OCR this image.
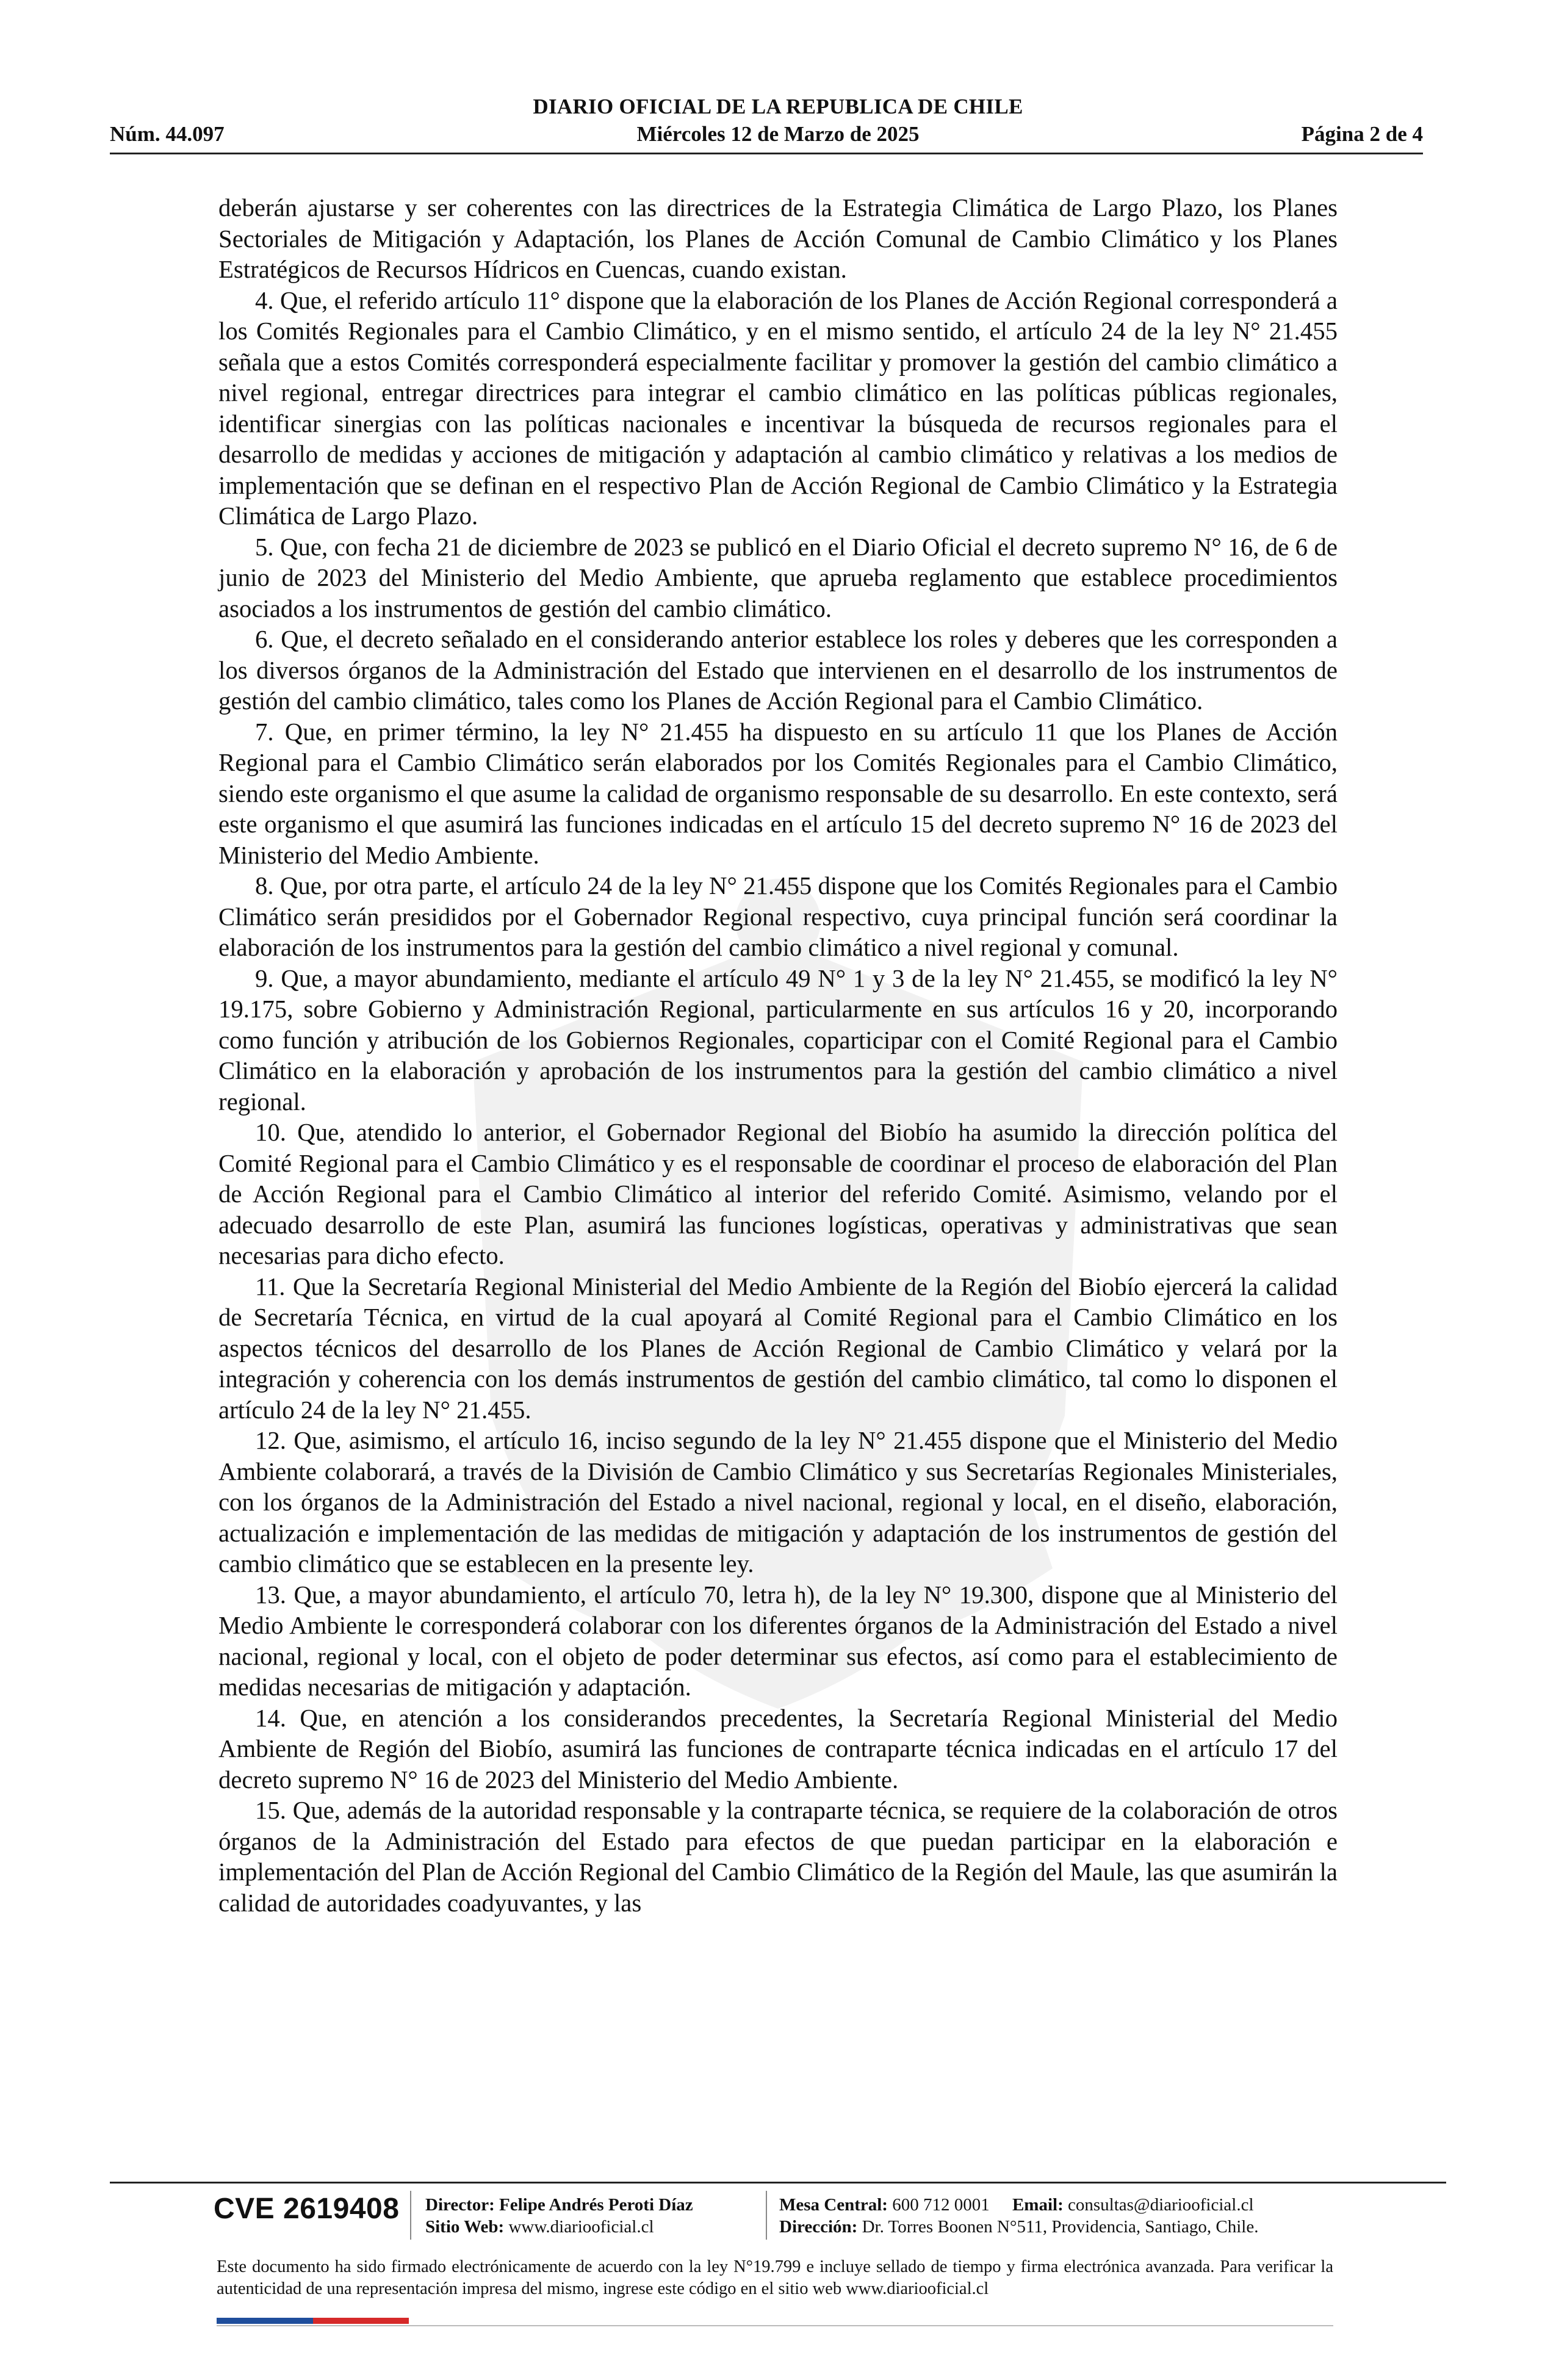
DIARIO OFICIAL DE LA REPUBLICA DE CHILE
Núm. 44.097	Miércoles 12 de Marzo de 2025	Página 2 de 4

deberán ajustarse y ser coherentes con las directrices de la Estrategia Climática de Largo Plazo, los Planes Sectoriales de Mitigación y Adaptación, los Planes de Acción Comunal de Cambio Climático y los Planes Estratégicos de Recursos Hídricos en Cuencas, cuando existan.

4. Que, el referido artículo 11° dispone que la elaboración de los Planes de Acción Regional corresponderá a los Comités Regionales para el Cambio Climático, y en el mismo sentido, el artículo 24 de la ley N° 21.455 señala que a estos Comités corresponderá especialmente facilitar y promover la gestión del cambio climático a nivel regional, entregar directrices para integrar el cambio climático en las políticas públicas regionales, identificar sinergias con las políticas nacionales e incentivar la búsqueda de recursos regionales para el desarrollo de medidas y acciones de mitigación y adaptación al cambio climático y relativas a los medios de implementación que se definan en el respectivo Plan de Acción Regional de Cambio Climático y la Estrategia Climática de Largo Plazo.

5. Que, con fecha 21 de diciembre de 2023 se publicó en el Diario Oficial el decreto supremo N° 16, de 6 de junio de 2023 del Ministerio del Medio Ambiente, que aprueba reglamento que establece procedimientos asociados a los instrumentos de gestión del cambio climático.

6. Que, el decreto señalado en el considerando anterior establece los roles y deberes que les corresponden a los diversos órganos de la Administración del Estado que intervienen en el desarrollo de los instrumentos de gestión del cambio climático, tales como los Planes de Acción Regional para el Cambio Climático.

7. Que, en primer término, la ley N° 21.455 ha dispuesto en su artículo 11 que los Planes de Acción Regional para el Cambio Climático serán elaborados por los Comités Regionales para el Cambio Climático, siendo este organismo el que asume la calidad de organismo responsable de su desarrollo. En este contexto, será este organismo el que asumirá las funciones indicadas en el artículo 15 del decreto supremo N° 16 de 2023 del Ministerio del Medio Ambiente.

8. Que, por otra parte, el artículo 24 de la ley N° 21.455 dispone que los Comités Regionales para el Cambio Climático serán presididos por el Gobernador Regional respectivo, cuya principal función será coordinar la elaboración de los instrumentos para la gestión del cambio climático a nivel regional y comunal.

9. Que, a mayor abundamiento, mediante el artículo 49 N° 1 y 3 de la ley N° 21.455, se modificó la ley N° 19.175, sobre Gobierno y Administración Regional, particularmente en sus artículos 16 y 20, incorporando como función y atribución de los Gobiernos Regionales, coparticipar con el Comité Regional para el Cambio Climático en la elaboración y aprobación de los instrumentos para la gestión del cambio climático a nivel regional.

10. Que, atendido lo anterior, el Gobernador Regional del Biobío ha asumido la dirección política del Comité Regional para el Cambio Climático y es el responsable de coordinar el proceso de elaboración del Plan de Acción Regional para el Cambio Climático al interior del referido Comité. Asimismo, velando por el adecuado desarrollo de este Plan, asumirá las funciones logísticas, operativas y administrativas que sean necesarias para dicho efecto.

11. Que la Secretaría Regional Ministerial del Medio Ambiente de la Región del Biobío ejercerá la calidad de Secretaría Técnica, en virtud de la cual apoyará al Comité Regional para el Cambio Climático en los aspectos técnicos del desarrollo de los Planes de Acción Regional de Cambio Climático y velará por la integración y coherencia con los demás instrumentos de gestión del cambio climático, tal como lo disponen el artículo 24 de la ley N° 21.455.

12. Que, asimismo, el artículo 16, inciso segundo de la ley N° 21.455 dispone que el Ministerio del Medio Ambiente colaborará, a través de la División de Cambio Climático y sus Secretarías Regionales Ministeriales, con los órganos de la Administración del Estado a nivel nacional, regional y local, en el diseño, elaboración, actualización e implementación de las medidas de mitigación y adaptación de los instrumentos de gestión del cambio climático que se establecen en la presente ley.

13. Que, a mayor abundamiento, el artículo 70, letra h), de la ley N° 19.300, dispone que al Ministerio del Medio Ambiente le corresponderá colaborar con los diferentes órganos de la Administración del Estado a nivel nacional, regional y local, con el objeto de poder determinar sus efectos, así como para el establecimiento de medidas necesarias de mitigación y adaptación.

14. Que, en atención a los considerandos precedentes, la Secretaría Regional Ministerial del Medio Ambiente de Región del Biobío, asumirá las funciones de contraparte técnica indicadas en el artículo 17 del decreto supremo N° 16 de 2023 del Ministerio del Medio Ambiente.

15. Que, además de la autoridad responsable y la contraparte técnica, se requiere de la colaboración de otros órganos de la Administración del Estado para efectos de que puedan participar en la elaboración e implementación del Plan de Acción Regional del Cambio Climático de la Región del Maule, las que asumirán la calidad de autoridades coadyuvantes, y las

CVE 2619408 Director: Felipe Andrés Peroti Díaz
Sitio Web: www.diariooficial.cl
Mesa Central: 600 712 0001 Email: consultas@diariooficial.cl
Dirección: Dr. Torres Boonen N°511, Providencia, Santiago, Chile.
Este documento ha sido firmado electrónicamente de acuerdo con la ley N°19.799 e incluye sellado de tiempo y firma electrónica avanzada. Para verificar la autenticidad de una representación impresa del mismo, ingrese este código en el sitio web www.diariooficial.cl
